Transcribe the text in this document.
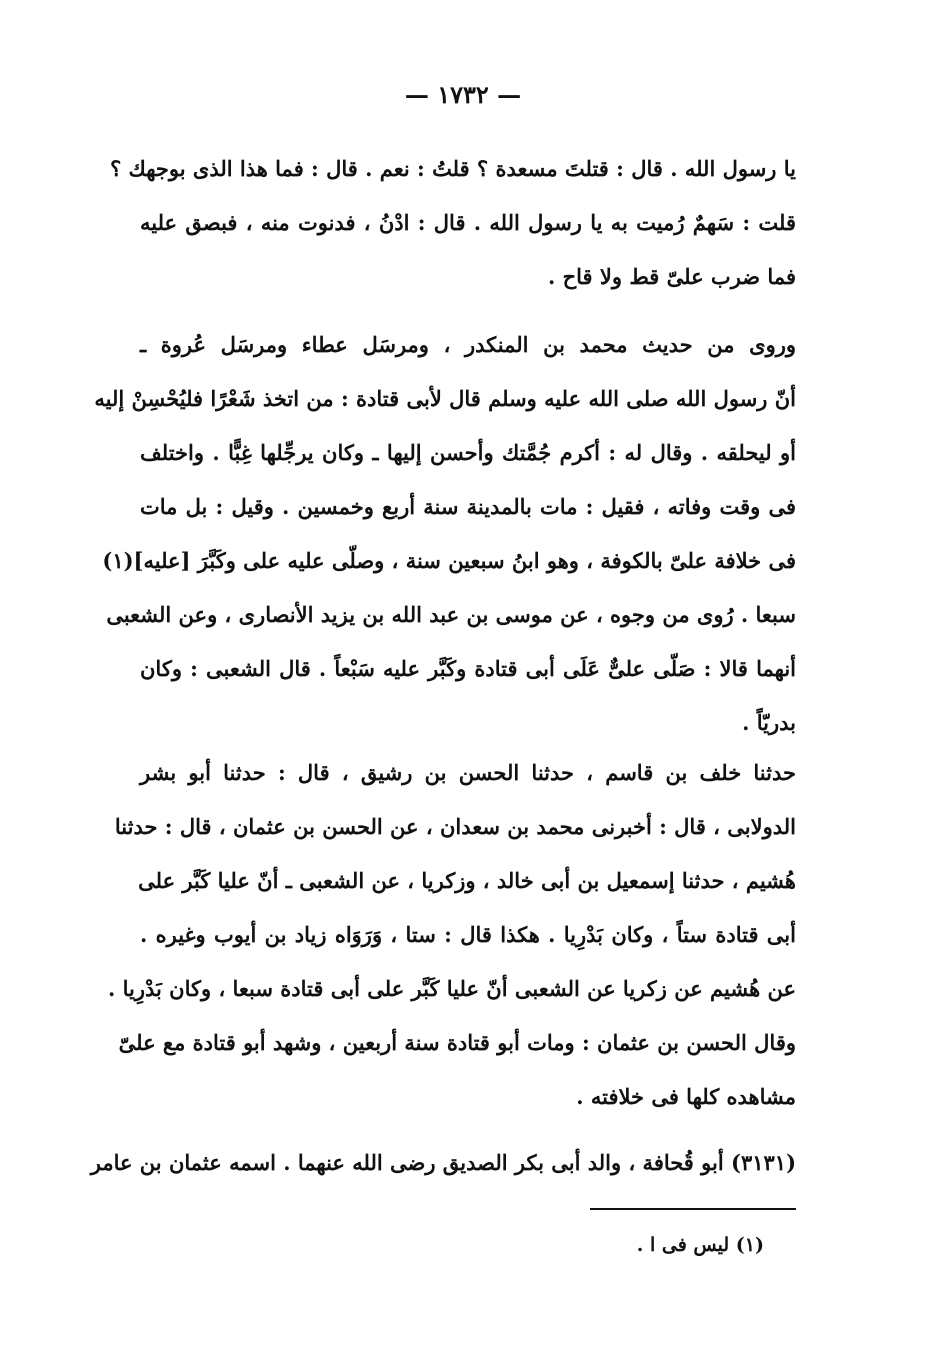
— ١٧٣٢ —
يا رسول الله . قال : قتلتَ مسعدة ؟ قلتُ : نعم . قال : فما هذا الذى بوجهك ؟
قلت : سَهمٌ رُميت به يا رسول الله . قال : ادْنُ ، فدنوت منه ، فبصق عليه
فما ضرب علىّ قط ولا قاح .
وروى من حديث محمد بن المنكدر ، ومرسَل عطاء ومرسَل عُروة ـ
أنّ رسول الله صلى الله عليه وسلم قال لأبى قتادة : من اتخذ شَعْرًا فليُحْسِنْ إليه
أو ليحلقه . وقال له : أكرم جُمَّتك وأحسن إليها ـ وكان يرجِّلها غِبًّا . واختلف
فى وقت وفاته ، فقيل : مات بالمدينة سنة أربع وخمسين . وقيل : بل مات
فى خلافة علىّ بالكوفة ، وهو ابنُ سبعين سنة ، وصلّى عليه على وكَبَّرَ [عليه](١)
سبعا . رُوى من وجوه ، عن موسى بن عبد الله بن يزيد الأنصارى ، وعن الشعبى
أنهما قالا : صَلّى علىٌّ عَلَى أبى قتادة وكَبَّر عليه سَبْعاً . قال الشعبى : وكان
بدريّاً .
حدثنا خلف بن قاسم ، حدثنا الحسن بن رشيق ، قال : حدثنا أبو بشر
الدولابى ، قال : أخبرنى محمد بن سعدان ، عن الحسن بن عثمان ، قال : حدثنا
هُشيم ، حدثنا إسمعيل بن أبى خالد ، وزكريا ، عن الشعبى ـ أنّ عليا كَبَّر على
أبى قتادة ستاً ، وكان بَدْرِيا . هكذا قال : ستا ، وَرَوَاه زياد بن أيوب وغيره .
عن هُشيم عن زكريا عن الشعبى أنّ عليا كَبَّر على أبى قتادة سبعا ، وكان بَدْرِيا .
وقال الحسن بن عثمان : ومات أبو قتادة سنة أربعين ، وشهد أبو قتادة مع علىّ
مشاهده كلها فى خلافته .
(٣١٣١) أبو قُحافة ، والد أبى بكر الصديق رضى الله عنهما . اسمه عثمان بن عامر
(١) ليس فى ا .
